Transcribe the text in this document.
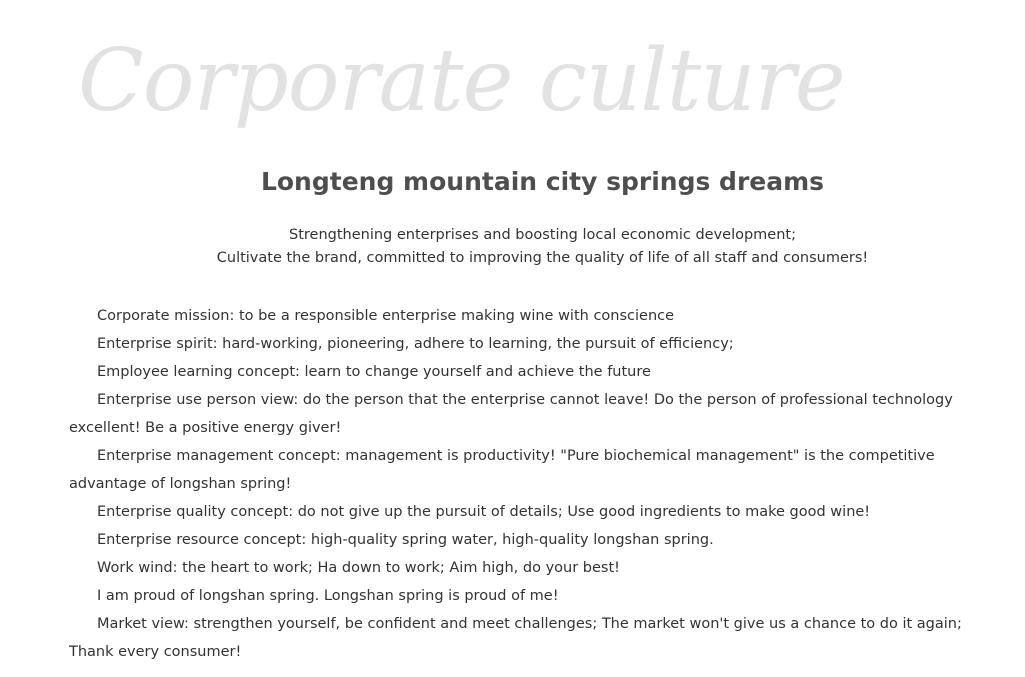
Corporate culture
Longteng mountain city springs dreams
Strengthening enterprises and boosting local economic development;
Cultivate the brand, committed to improving the quality of life of all staff and consumers!

Corporate mission: to be a responsible enterprise making wine with conscience

Enterprise spirit: hard-working, pioneering, adhere to learning, the pursuit of efficiency;

Employee learning concept: learn to change yourself and achieve the future

Enterprise use person view: do the person that the enterprise cannot leave! Do the person of professional technology excellent! Be a positive energy giver!

Enterprise management concept: management is productivity! "Pure biochemical management" is the competitive advantage of longshan spring!

Enterprise quality concept: do not give up the pursuit of details; Use good ingredients to make good wine!

Enterprise resource concept: high-quality spring water, high-quality longshan spring.

Work wind: the heart to work; Ha down to work; Aim high, do your best!

I am proud of longshan spring. Longshan spring is proud of me!

Market view: strengthen yourself, be confident and meet challenges; The market won't give us a chance to do it again; Thank every consumer!
